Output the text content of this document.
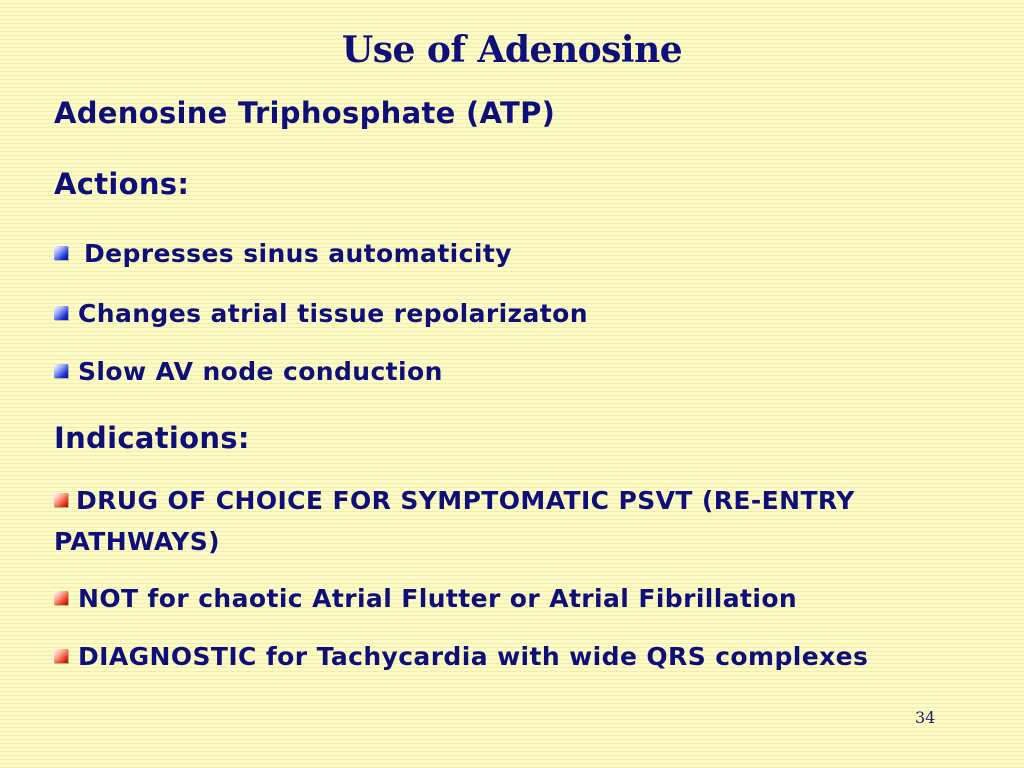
Use of Adenosine
Adenosine Triphosphate (ATP)
Actions:
Depresses sinus automaticity
Changes atrial tissue repolarizaton
Slow AV node conduction
Indications:
DRUG OF CHOICE FOR SYMPTOMATIC PSVT (RE-ENTRY PATHWAYS)
NOT for chaotic Atrial Flutter or Atrial Fibrillation
DIAGNOSTIC for Tachycardia with wide QRS complexes
34
